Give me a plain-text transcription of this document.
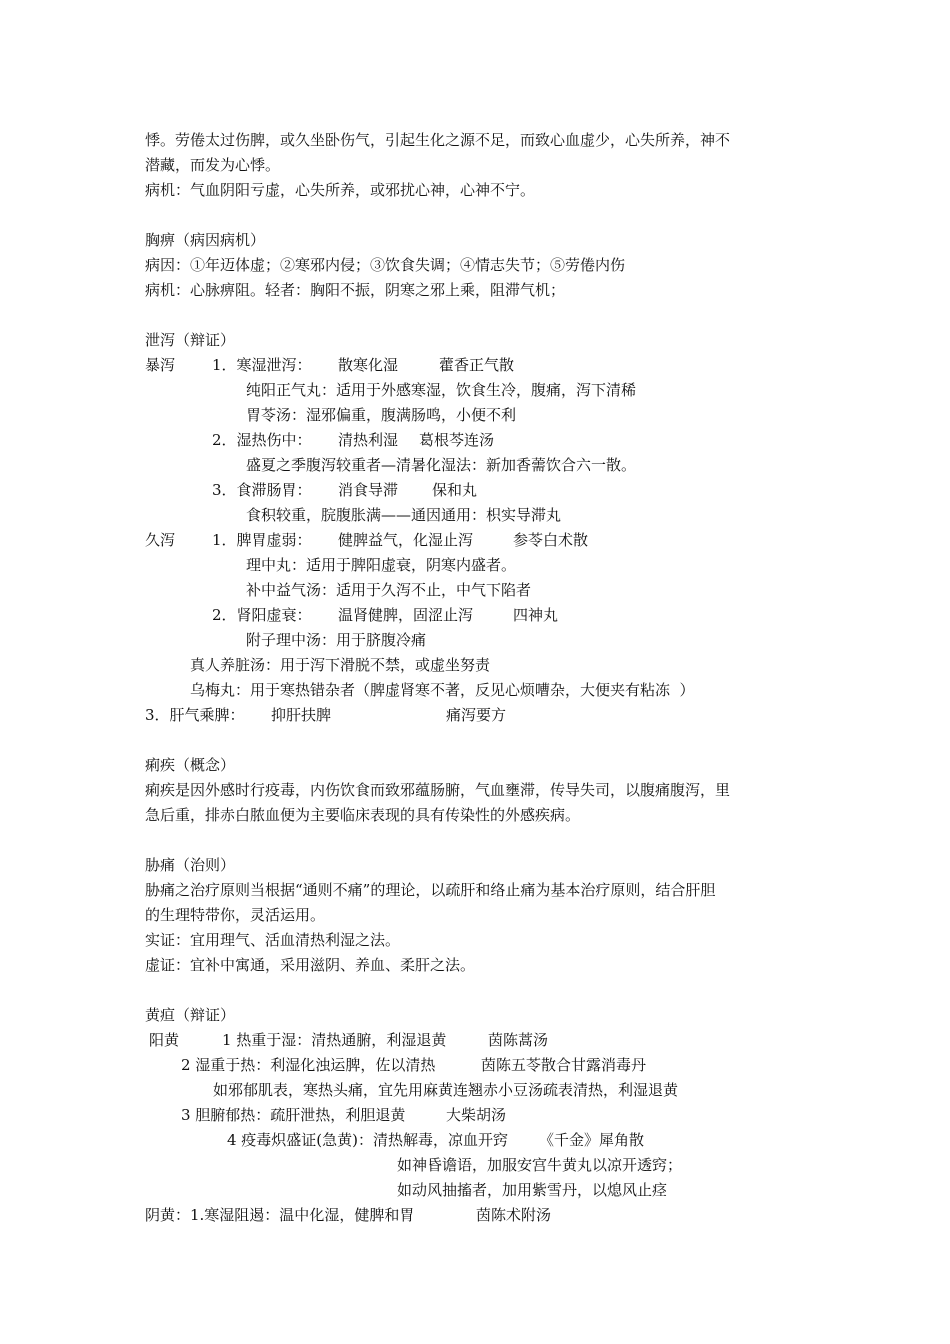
悸。劳倦太过伤脾，或久坐卧伤气，引起生化之源不足，而致心血虚少，心失所养，神不
潜藏，而发为心悸。
病机：气血阴阳亏虚，心失所养，或邪扰心神，心神不宁。
胸痹（病因病机）
病因：①年迈体虚；②寒邪内侵；③饮食失调；④情志失节；⑤劳倦内伤
病机：心脉痹阻。轻者：胸阳不振，阴寒之邪上乘，阻滞气机；
泄泻（辩证）
暴泻 1．寒湿泄泻： 散寒化湿	藿香正气散
纯阳正气丸：适用于外感寒湿，饮食生冷，腹痛，泻下清稀
胃苓汤：湿邪偏重，腹满肠鸣，小便不利
2．湿热伤中： 清热利湿 葛根芩连汤
盛夏之季腹泻较重者—清暑化湿法：新加香薷饮合六一散。
3．食滞肠胃： 消食导滞 保和丸
食积较重，脘腹胀满——通因通用：枳实导滞丸
久泻 1．脾胃虚弱： 健脾益气，化湿止泻	参苓白术散
理中丸：适用于脾阳虚衰，阴寒内盛者。
补中益气汤：适用于久泻不止，中气下陷者
2．肾阳虚衰： 温肾健脾，固涩止泻	四神丸
附子理中汤：用于脐腹冷痛
真人养脏汤：用于泻下滑脱不禁，或虚坐努责
乌梅丸：用于寒热错杂者（脾虚肾寒不著，反见心烦嘈杂，大便夹有粘冻  ）
3．肝气乘脾： 抑肝扶脾	痛泻要方
痢疾（概念）
痢疾是因外感时行疫毒，内伤饮食而致邪蕴肠腑，气血壅滞，传导失司，以腹痛腹泻，里
急后重，排赤白脓血便为主要临床表现的具有传染性的外感疾病。
胁痛（治则）
胁痛之治疗原则当根据“通则不痛”的理论，以疏肝和络止痛为基本治疗原则，结合肝胆
的生理特带你，灵活运用。
实证：宜用理气、活血清热利湿之法。
虚证：宜补中寓通，采用滋阴、养血、柔肝之法。
黄疸（辩证）
阳黄	1 热重于湿：清热通腑，利湿退黄	茵陈蒿汤
2 湿重于热：利湿化浊运脾，佐以清热	茵陈五苓散合甘露消毒丹
如邪郁肌表，寒热头痛，宜先用麻黄连翘赤小豆汤疏表清热，利湿退黄
3 胆腑郁热：疏肝泄热，利胆退黄	大柴胡汤
4 疫毒炽盛证(急黄)：清热解毒，凉血开窍 《千金》犀角散
如神昏谵语，加服安宫牛黄丸以凉开透窍；
如动风抽搐者，加用紫雪丹，以熄风止痉
阴黄：1.寒湿阻遏：温中化湿，健脾和胃	茵陈术附汤
